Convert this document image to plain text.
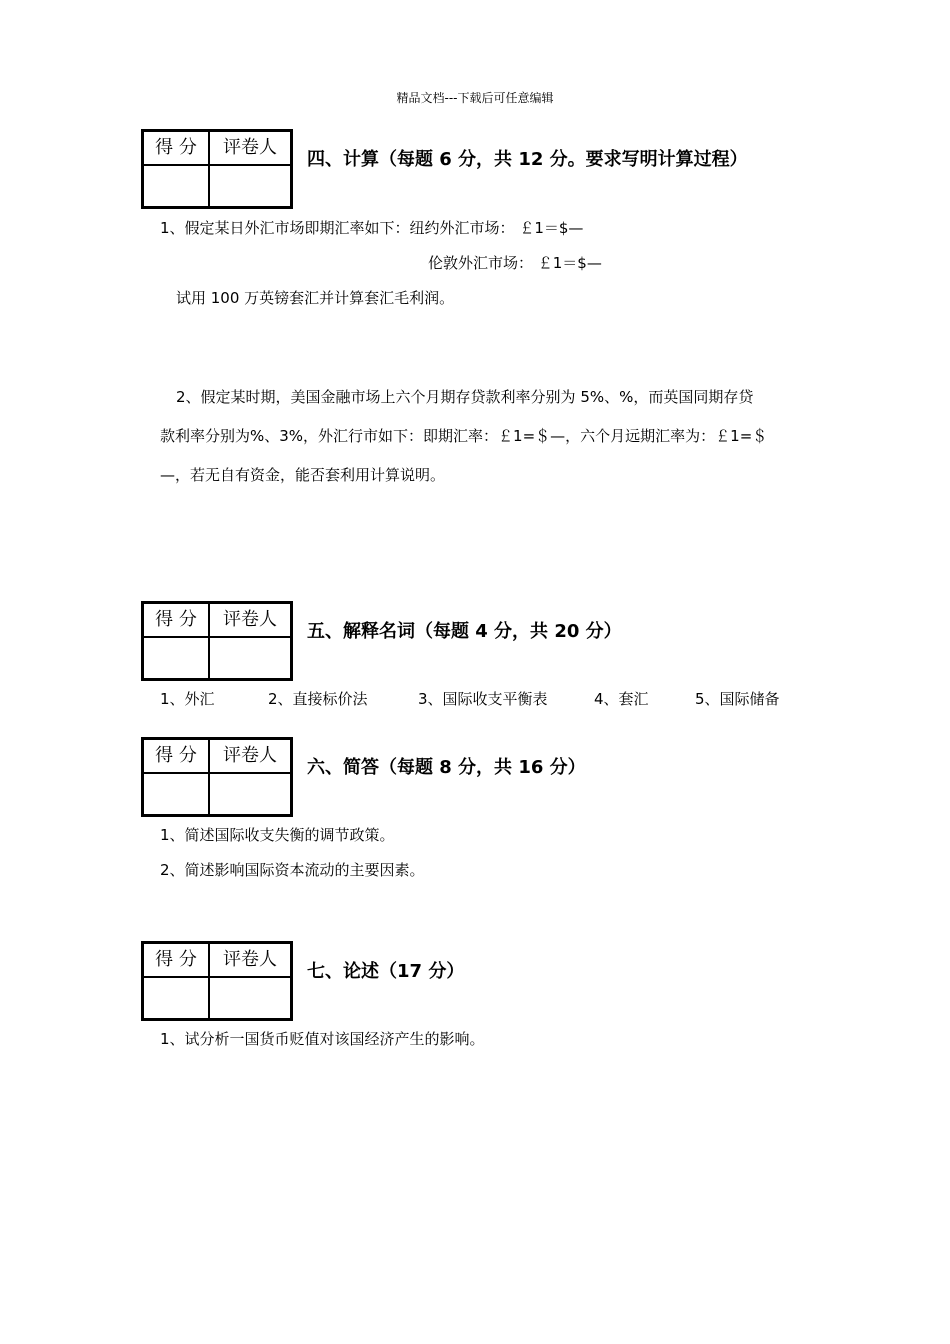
精品文档---下载后可任意编辑
得 分	评卷人
四、计算（每题 6 分，共 12 分。要求写明计算过程）
1、假定某日外汇市场即期汇率如下：纽约外汇市场： ￡1＝$—
伦敦外汇市场： ￡1＝$—
试用 100 万英镑套汇并计算套汇毛利润。
2、假定某时期，美国金融市场上六个月期存贷款利率分别为 5%、%，而英国同期存贷
款利率分别为%、3%，外汇行市如下：即期汇率：￡1=＄—，六个月远期汇率为：￡1=＄
—，若无自有资金，能否套利用计算说明。
得 分	评卷人
五、解释名词（每题 4 分，共 20 分）
1、外汇	2、直接标价法	3、国际收支平衡表	4、套汇	5、国际储备
得 分	评卷人
六、简答（每题 8 分，共 16 分）
1、简述国际收支失衡的调节政策。
2、简述影响国际资本流动的主要因素。
得 分	评卷人
七、论述（17 分）
1、试分析一国货币贬值对该国经济产生的影响。
